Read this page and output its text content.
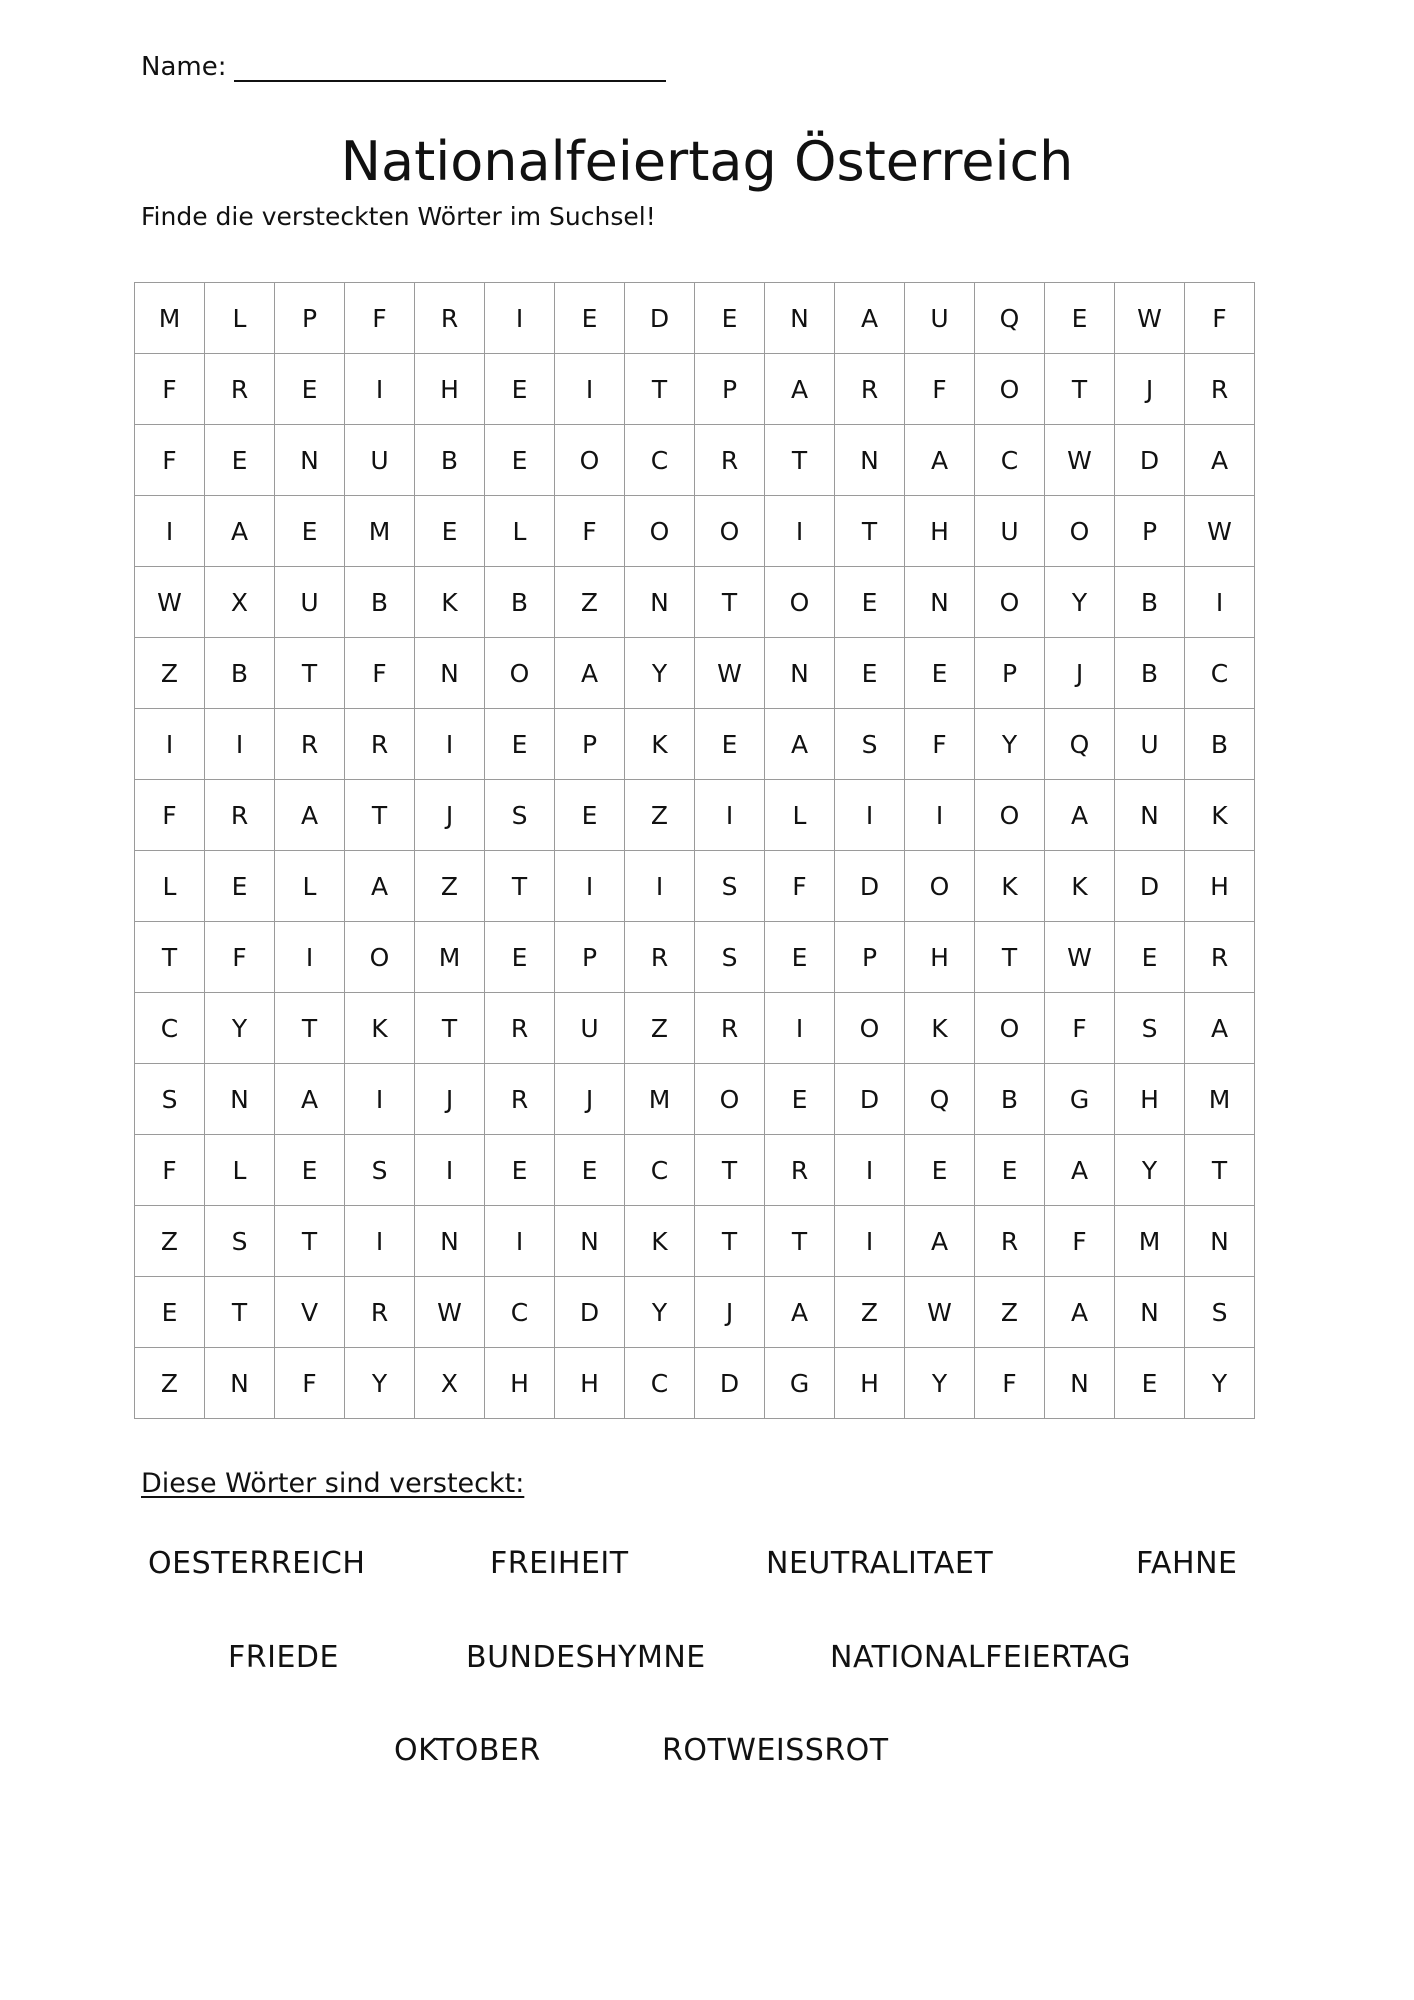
Name:
Nationalfeiertag Österreich
Finde die versteckten Wörter im Suchsel!
M	L	P	F	R	I	E	D	E	N	A	U	Q	E	W	F
F	R	E	I	H	E	I	T	P	A	R	F	O	T	J	R
F	E	N	U	B	E	O	C	R	T	N	A	C	W	D	A
I	A	E	M	E	L	F	O	O	I	T	H	U	O	P	W
W	X	U	B	K	B	Z	N	T	O	E	N	O	Y	B	I
Z	B	T	F	N	O	A	Y	W	N	E	E	P	J	B	C
I	I	R	R	I	E	P	K	E	A	S	F	Y	Q	U	B
F	R	A	T	J	S	E	Z	I	L	I	I	O	A	N	K
L	E	L	A	Z	T	I	I	S	F	D	O	K	K	D	H
T	F	I	O	M	E	P	R	S	E	P	H	T	W	E	R
C	Y	T	K	T	R	U	Z	R	I	O	K	O	F	S	A
S	N	A	I	J	R	J	M	O	E	D	Q	B	G	H	M
F	L	E	S	I	E	E	C	T	R	I	E	E	A	Y	T
Z	S	T	I	N	I	N	K	T	T	I	A	R	F	M	N
E	T	V	R	W	C	D	Y	J	A	Z	W	Z	A	N	S
Z	N	F	Y	X	H	H	C	D	G	H	Y	F	N	E	Y
Diese Wörter sind versteckt:
OESTERREICH	FREIHEIT	NEUTRALITAET	FAHNE
FRIEDE	BUNDESHYMNE	NATIONALFEIERTAG
OKTOBER	ROTWEISSROT
